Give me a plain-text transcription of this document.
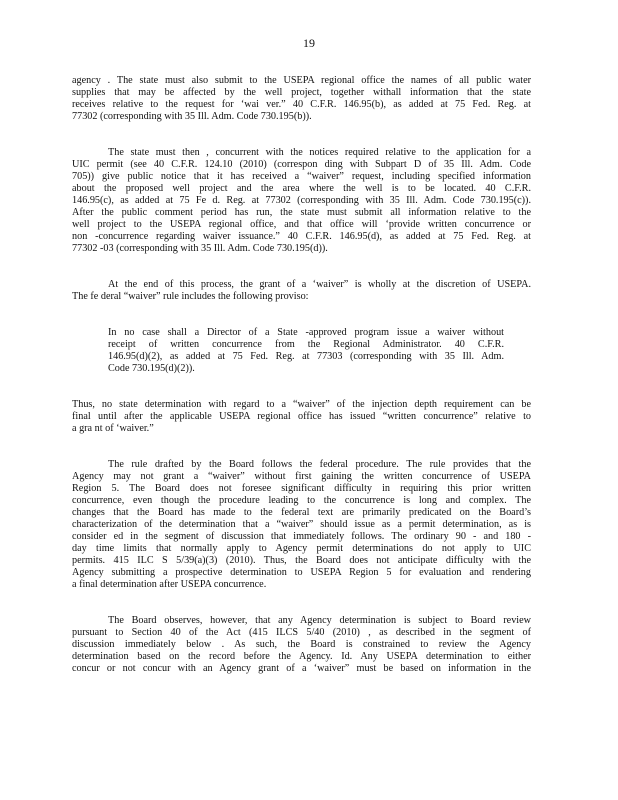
19
agency . The state must also submit to the USEPA regional office the names of all public water
supplies that may be affected by the well project, together withall information that the state
receives relative to the request for ‘wai ver.” 40 C.F.R. 146.95(b), as added at 75 Fed. Reg. at
77302 (corresponding with 35 Ill. Adm. Code 730.195(b)).
The state must then , concurrent with the notices required relative to the application for a
UIC permit (see 40 C.F.R. 124.10 (2010) (correspon ding with Subpart D of 35 Ill. Adm. Code
705)) give public notice that it has received a “waiver” request, including specified information
about the proposed well project and the area where the well is to be located. 40 C.F.R.
146.95(c), as added at 75 Fe d. Reg. at 77302 (corresponding with 35 Ill. Adm. Code 730.195(c)).
After the public comment period has run, the state must submit all information relative to the
well project to the USEPA regional office, and that office will ‘provide written concurrence or
non -concurrence regarding waiver issuance.” 40 C.F.R. 146.95(d), as added at 75 Fed. Reg. at
77302 -03 (corresponding with 35 Ill. Adm. Code 730.195(d)).
At the end of this process, the grant of a ‘waiver” is wholly at the discretion of USEPA.
The fe deral “waiver” rule includes the following proviso:
In no case shall a Director of a State -approved program issue a waiver without
receipt of written concurrence from the Regional Administrator. 40 C.F.R.
146.95(d)(2), as added at 75 Fed. Reg. at 77303 (corresponding with 35 Ill. Adm.
Code 730.195(d)(2)).
Thus, no state determination with regard to a “waiver” of the injection depth requirement can be
final until after the applicable USEPA regional office has issued “written concurrence” relative to
a gra nt of ‘waiver.”
The rule drafted by the Board follows the federal procedure. The rule provides that the
Agency may not grant a “waiver” without first gaining the written concurrence of USEPA
Region 5. The Board does not foresee significant difficulty in requiring this prior written
concurrence, even though the procedure leading to the concurrence is long and complex. The
changes that the Board has made to the federal text are primarily predicated on the Board’s
characterization of the determination that a “waiver” should issue as a permit determination, as is
consider ed in the segment of discussion that immediately follows. The ordinary 90 - and 180 -
day time limits that normally apply to Agency permit determinations do not apply to UIC
permits. 415 ILC S 5/39(a)(3) (2010). Thus, the Board does not anticipate difficulty with the
Agency submitting a prospective determination to USEPA Region 5 for evaluation and rendering
a final determination after USEPA concurrence.
The Board observes, however, that any Agency determination is subject to Board review
pursuant to Section 40 of the Act (415 ILCS 5/40 (2010) , as described in the segment of
discussion immediately below . As such, the Board is constrained to review the Agency
determination based on the record before the Agency. Id. Any USEPA determination to either
concur or not concur with an Agency grant of a ‘waiver” must be based on information in the
